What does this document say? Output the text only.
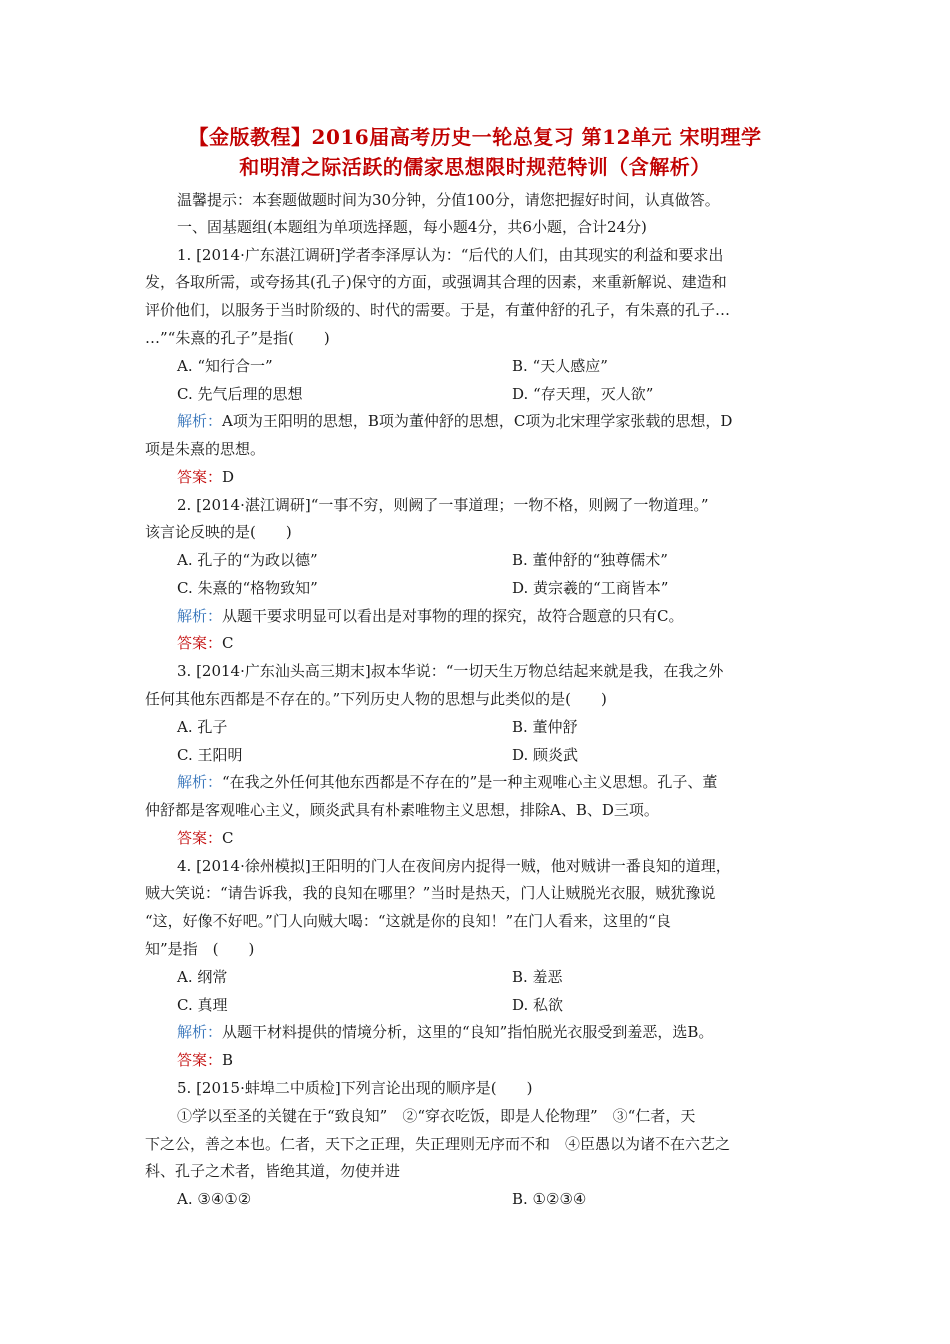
【金版教程】2016届高考历史一轮总复习 第12单元 宋明理学
和明清之际活跃的儒家思想限时规范特训（含解析）
温馨提示：本套题做题时间为30分钟，分值100分，请您把握好时间，认真做答。
一、固基题组(本题组为单项选择题，每小题4分，共6小题，合计24分)
1. [2014·广东湛江调研]学者李泽厚认为：“后代的人们，由其现实的利益和要求出
发，各取所需，或夸扬其(孔子)保守的方面，或强调其合理的因素，来重新解说、建造和
评价他们，以服务于当时阶级的、时代的需要。于是，有董仲舒的孔子，有朱熹的孔子…
…”“朱熹的孔子”是指(　　)
A. “知行合一”	B. “天人感应”
C. 先气后理的思想	D. “存天理，灭人欲”
解析：A项为王阳明的思想，B项为董仲舒的思想，C项为北宋理学家张载的思想，D
项是朱熹的思想。
答案：D
2. [2014·湛江调研]“一事不穷，则阙了一事道理；一物不格，则阙了一物道理。”
该言论反映的是(　　)
A. 孔子的“为政以德”	B. 董仲舒的“独尊儒术”
C. 朱熹的“格物致知”	D. 黄宗羲的“工商皆本”
解析：从题干要求明显可以看出是对事物的理的探究，故符合题意的只有C。
答案：C
3. [2014·广东汕头高三期末]叔本华说：“一切天生万物总结起来就是我，在我之外
任何其他东西都是不存在的。”下列历史人物的思想与此类似的是(　　)
A. 孔子	B. 董仲舒
C. 王阳明	D. 顾炎武
解析：“在我之外任何其他东西都是不存在的”是一种主观唯心主义思想。孔子、董
仲舒都是客观唯心主义，顾炎武具有朴素唯物主义思想，排除A、B、D三项。
答案：C
4. [2014·徐州模拟]王阳明的门人在夜间房内捉得一贼，他对贼讲一番良知的道理，
贼大笑说：“请告诉我，我的良知在哪里？”当时是热天，门人让贼脱光衣服，贼犹豫说
“这，好像不好吧。”门人向贼大喝：“这就是你的良知！”在门人看来，这里的“良
知”是指　(　　)
A. 纲常	B. 羞恶
C. 真理	D. 私欲
解析：从题干材料提供的情境分析，这里的“良知”指怕脱光衣服受到羞恶，选B。
答案：B
5. [2015·蚌埠二中质检]下列言论出现的顺序是(　　)
①学以至圣的关键在于“致良知”　②“穿衣吃饭，即是人伦物理”　③“仁者，天
下之公，善之本也。仁者，天下之正理，失正理则无序而不和　④臣愚以为诸不在六艺之
科、孔子之术者，皆绝其道，勿使并进
A. ③④①②	B. ①②③④
